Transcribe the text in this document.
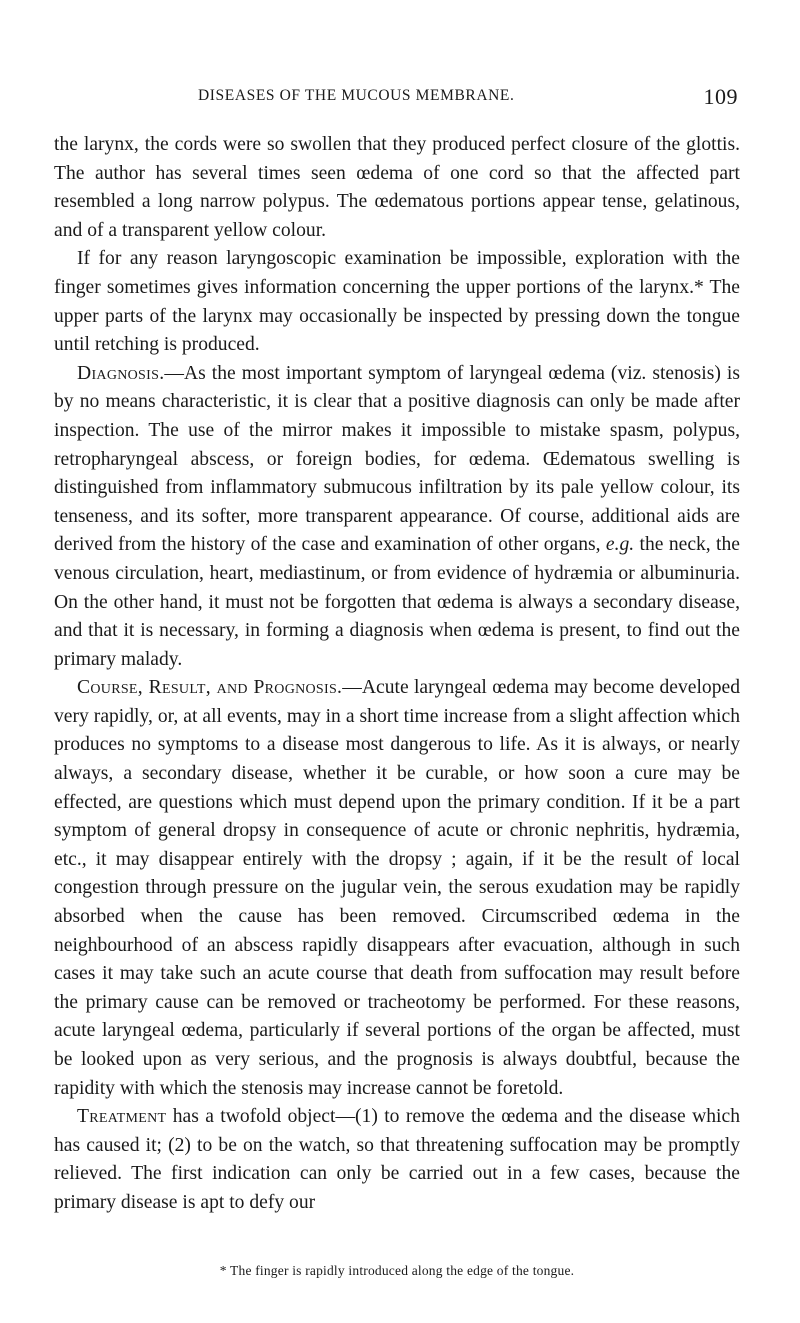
DISEASES OF THE MUCOUS MEMBRANE.	109

the larynx, the cords were so swollen that they produced perfect closure of the glottis. The author has several times seen œdema of one cord so that the affected part resembled a long narrow polypus. The œdematous portions appear tense, gelatinous, and of a transparent yellow colour.

If for any reason laryngoscopic examination be impossible, exploration with the finger sometimes gives information concerning the upper portions of the larynx.* The upper parts of the larynx may occasionally be inspected by pressing down the tongue until retching is produced.

Diagnosis.—As the most important symptom of laryngeal œdema (viz. stenosis) is by no means characteristic, it is clear that a positive diagnosis can only be made after inspection. The use of the mirror makes it impossible to mistake spasm, polypus, retropharyngeal abscess, or foreign bodies, for œdema. Œdematous swelling is distinguished from inflammatory submucous infiltration by its pale yellow colour, its tenseness, and its softer, more transparent appearance. Of course, additional aids are derived from the history of the case and examination of other organs, e.g. the neck, the venous circulation, heart, mediastinum, or from evidence of hydræmia or albuminuria. On the other hand, it must not be forgotten that œdema is always a secondary disease, and that it is necessary, in forming a diagnosis when œdema is present, to find out the primary malady.

Course, Result, and Prognosis.—Acute laryngeal œdema may become developed very rapidly, or, at all events, may in a short time increase from a slight affection which produces no symptoms to a disease most dangerous to life. As it is always, or nearly always, a secondary disease, whether it be curable, or how soon a cure may be effected, are questions which must depend upon the primary condition. If it be a part symptom of general dropsy in consequence of acute or chronic nephritis, hydræmia, etc., it may disappear entirely with the dropsy ; again, if it be the result of local congestion through pressure on the jugular vein, the serous exudation may be rapidly absorbed when the cause has been removed. Circumscribed œdema in the neighbourhood of an abscess rapidly disappears after evacuation, although in such cases it may take such an acute course that death from suffocation may result before the primary cause can be removed or tracheotomy be performed. For these reasons, acute laryngeal œdema, particularly if several portions of the organ be affected, must be looked upon as very serious, and the prognosis is always doubtful, because the rapidity with which the stenosis may increase cannot be foretold.

Treatment has a twofold object—(1) to remove the œdema and the disease which has caused it; (2) to be on the watch, so that threatening suffocation may be promptly relieved. The first indication can only be carried out in a few cases, because the primary disease is apt to defy our

* The finger is rapidly introduced along the edge of the tongue.
